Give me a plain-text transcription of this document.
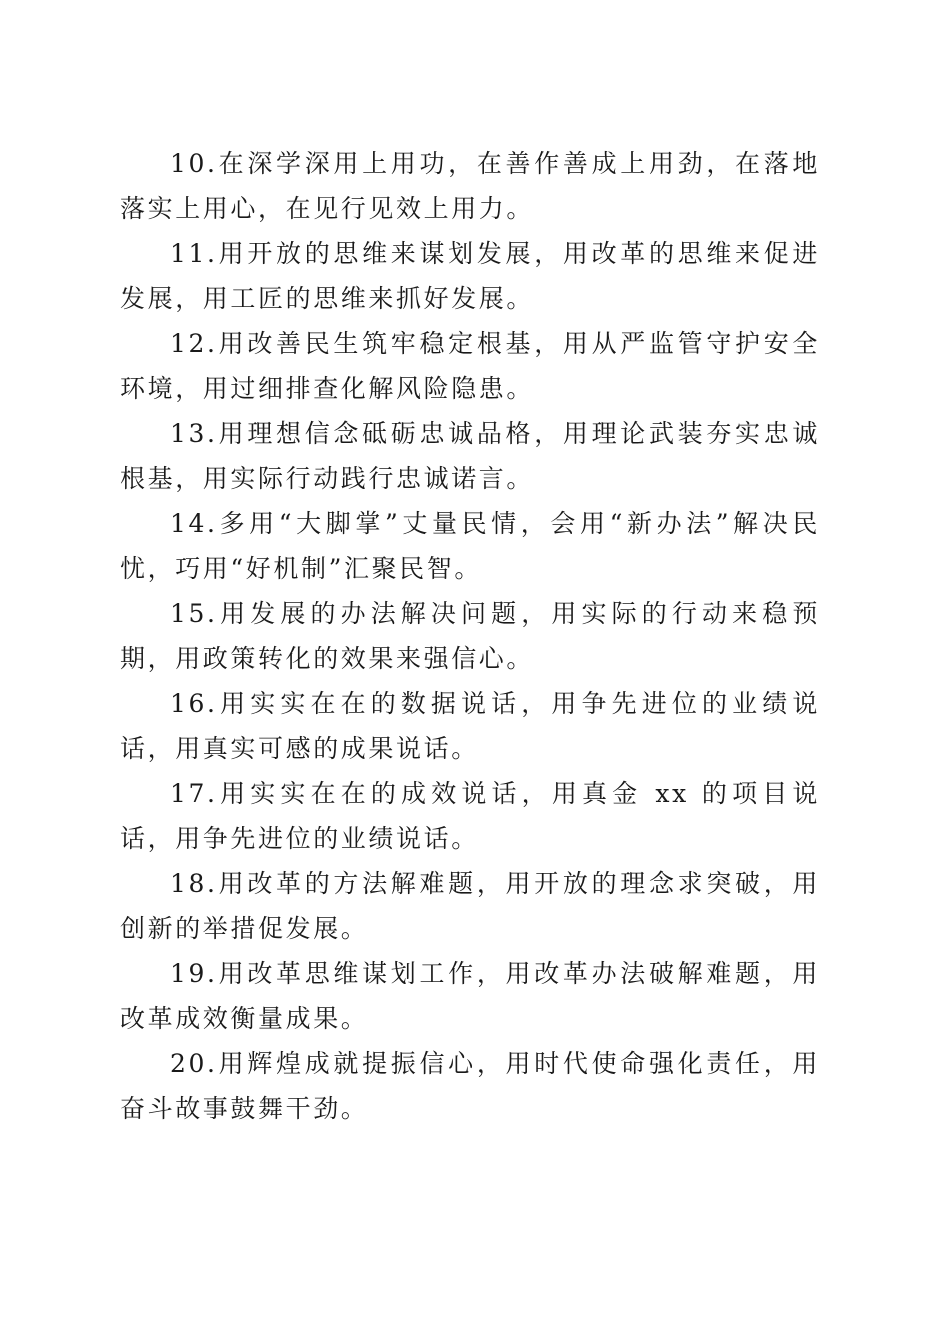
10.在深学深用上用功，在善作善成上用劲，在落地落实上用心，在见行见效上用力。

11.用开放的思维来谋划发展，用改革的思维来促进发展，用工匠的思维来抓好发展。

12.用改善民生筑牢稳定根基，用从严监管守护安全环境，用过细排查化解风险隐患。

13.用理想信念砥砺忠诚品格，用理论武装夯实忠诚根基，用实际行动践行忠诚诺言。

14.多用“大脚掌”丈量民情，会用“新办法”解决民忧，巧用“好机制”汇聚民智。

15.用发展的办法解决问题，用实际的行动来稳预期，用政策转化的效果来强信心。

16.用实实在在的数据说话，用争先进位的业绩说话，用真实可感的成果说话。

17.用实实在在的成效说话，用真金 xx 的项目说话，用争先进位的业绩说话。

18.用改革的方法解难题，用开放的理念求突破，用创新的举措促发展。

19.用改革思维谋划工作，用改革办法破解难题，用改革成效衡量成果。

20.用辉煌成就提振信心，用时代使命强化责任，用奋斗故事鼓舞干劲。
